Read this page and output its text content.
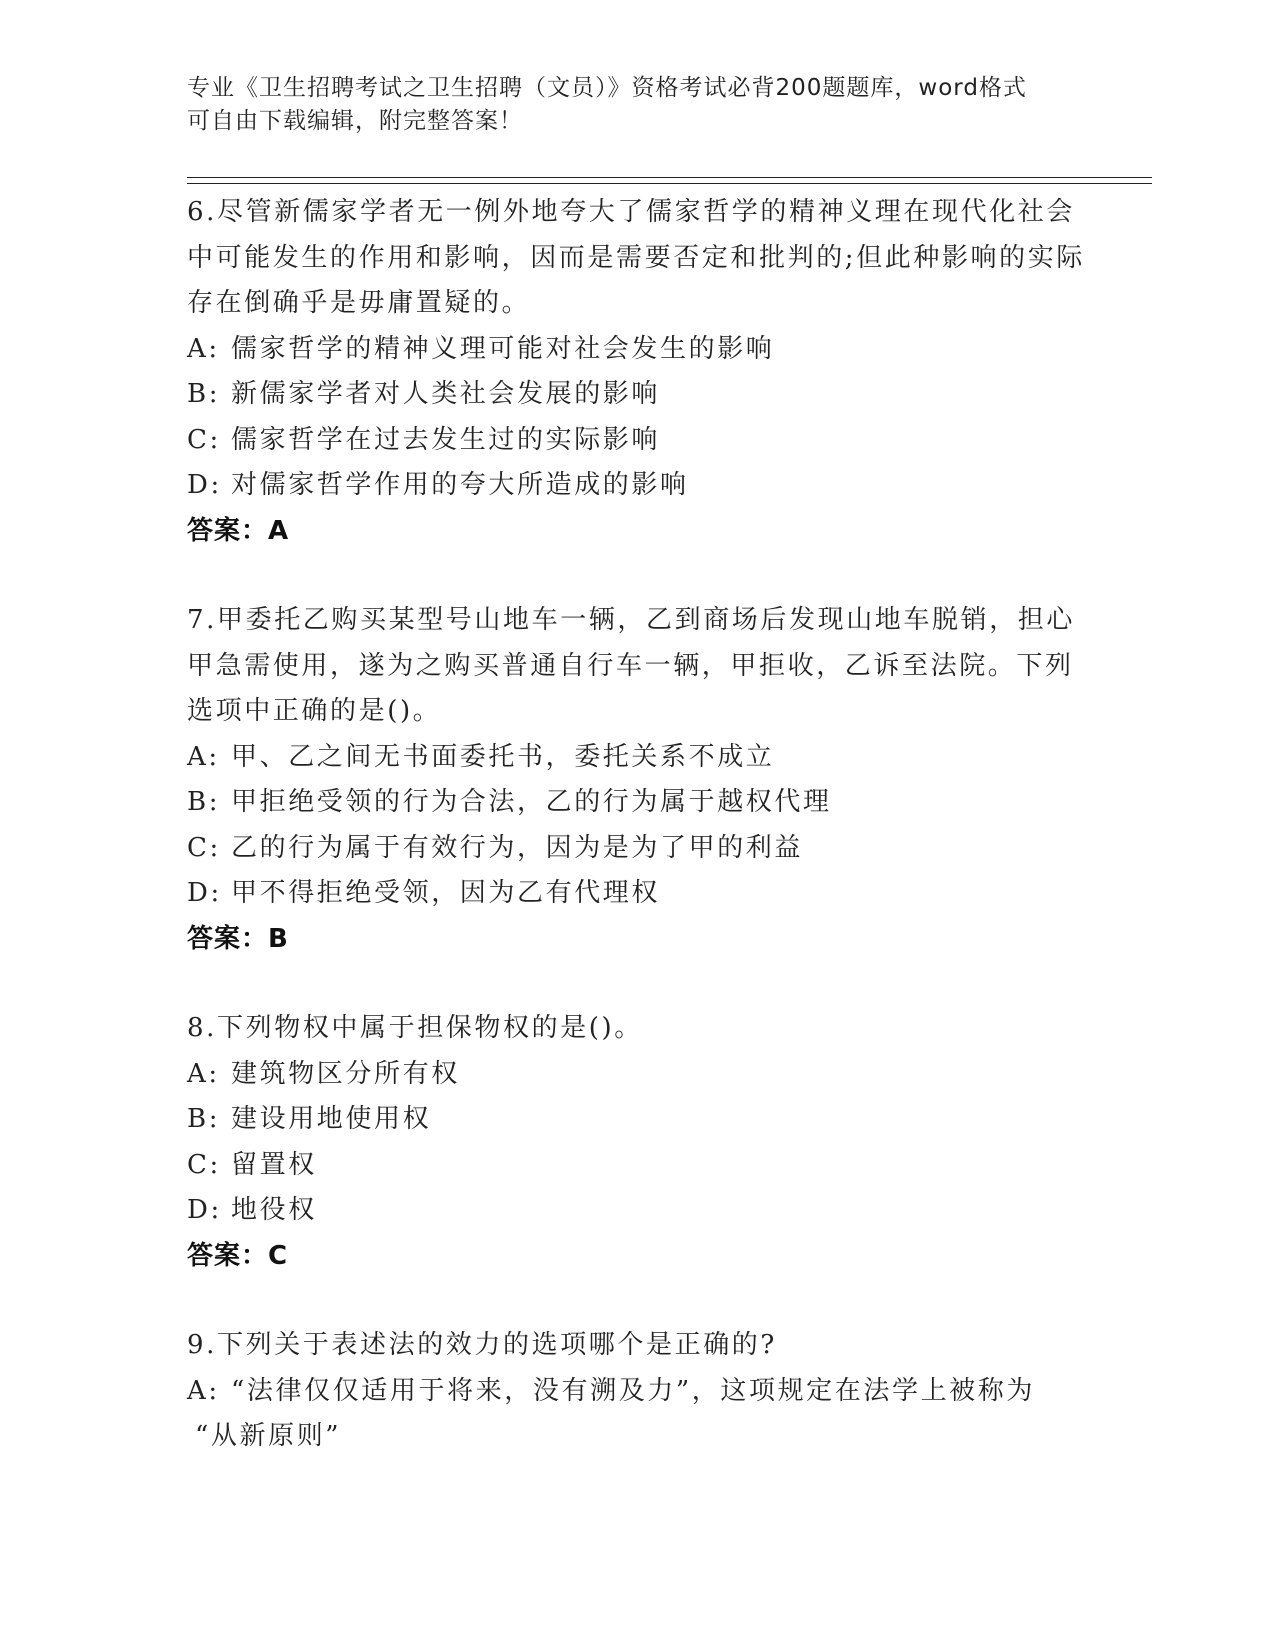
专业《卫生招聘考试之卫生招聘（文员）》资格考试必背200题题库，word格式

可自由下载编辑，附完整答案！

6.尽管新儒家学者无一例外地夸大了儒家哲学的精神义理在现代化社会中可能发生的作用和影响，因而是需要否定和批判的;但此种影响的实际存在倒确乎是毋庸置疑的。

A: 儒家哲学的精神义理可能对社会发生的影响

B: 新儒家学者对人类社会发展的影响

C: 儒家哲学在过去发生过的实际影响

D: 对儒家哲学作用的夸大所造成的影响

答案：A

7.甲委托乙购买某型号山地车一辆，乙到商场后发现山地车脱销，担心甲急需使用，遂为之购买普通自行车一辆，甲拒收，乙诉至法院。下列选项中正确的是()。

A: 甲、乙之间无书面委托书，委托关系不成立

B: 甲拒绝受领的行为合法，乙的行为属于越权代理

C: 乙的行为属于有效行为，因为是为了甲的利益

D: 甲不得拒绝受领，因为乙有代理权

答案：B

8.下列物权中属于担保物权的是()。

A: 建筑物区分所有权

B: 建设用地使用权

C: 留置权

D: 地役权

答案：C

9.下列关于表述法的效力的选项哪个是正确的?

A: “法律仅仅适用于将来，没有溯及力”，这项规定在法学上被称为

“从新原则”
